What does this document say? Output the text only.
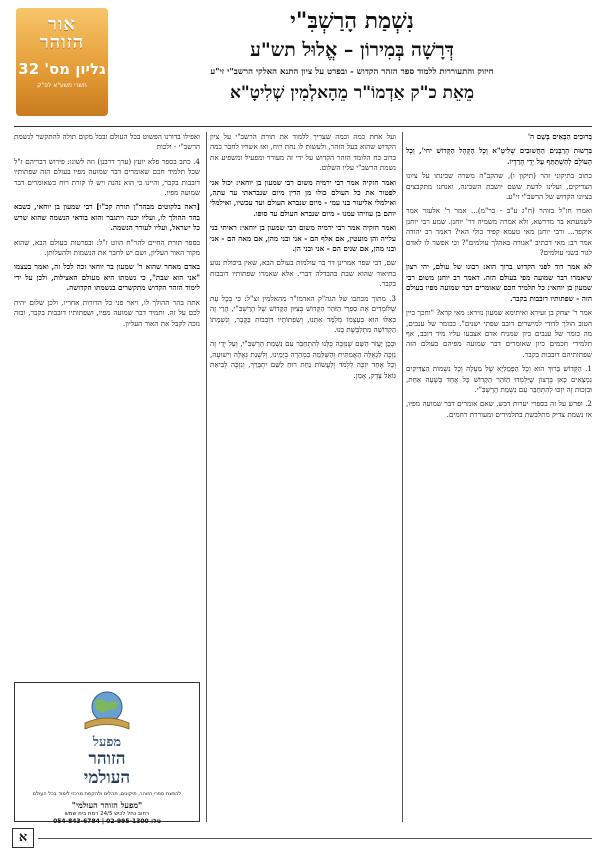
אור
הזוהר
גליון מס' 32
תשרי תשע"א לפ"ק
נִשְׁמַת הָרַשְׁבִּ"י
דְּרָשָׁה בְּמִירוֹן – אֱלוּל תש"ע
חיזוק והתעוררות ללמוד ספר הזהר הקדוש - ובפרט על ציון התנא האלקי הרשב"י זי"ע
מֵאֵת כ"ק אַדְמוֹ"ר מֵהָאלְמִין שְׁלִיטָ"א

בְּרוּכִים הַבָּאִים בְּשֵׁם ה'

בִּרְשׁוּת הָרַבָּנִים הַחֲשׁוּבִים שְׁלִיטָ"א וְכָל הַקָּהָל הַקָּדוֹשׁ יחי', וְכָל הָעוֹלָם לְהִשְׁתַּתֵּף עַל יְדֵי הָרַדְיוֹ.

כתוב בתיקוני זהר (תיקון ו), שהקב"ה משרה שכינתו על ציונו הצדיקים, ועלינו לדעת ששם יושבת השכינה, ואנחנו מתקבצים בציונו הקדוש של הרשב"י זי"ע.

ואמרו חז"ל בזוהר (ח"ג ע"ב - בר"מ)... אמר ר' אלעזר אמר לשמעתא בר מדרשא, ולא אמרה משמיה דר' יוחנן. שמע רבי יוחנן איקפד... ורבי יוחנן מאי טעמא קפיד כולי האי? דאמר רב יהודה אמר רב: מאי דכתיב "אגורה באהלך עולמים"? וכי אפשר לו לאדם לגור בשני עולמים?

לא אמר דוד לפני הקדוש ברוך הוא: רבונו של עולם, יהי רצון שיאמרו דבר שמועה מפי בעולם הזה. דאמר רב יוחנן משום רבי שמעון בן יוחאי: כל תלמיד חכם שאומרים דבר שמועה מפיו בעולם הזה - שפתותיו דובבות בקבר.

אמר ר' יצחק בן זעירא ואיתימא שמעון נזירא: מאי קרא? "וחכך כיין הטוב הולך לדודי למישרים דובב שפתי ישנים". ככומר של ענבים, מה כומר של ענבים כיון שמניח אדם אצבעו עליו מיד דובב, אף תלמידי חכמים כיון שאומרים דבר שמועה מפיהם בעולם הזה שפתותיהם דובבות בקבר.

1. הַקָּדוֹשׁ בָּרוּךְ הוּא וְכָל הַפָּמַלְיָא שֶׁל מַעְלָה וְכָל נִשְׁמוֹת הַצַּדִּיקִים נִמְצָאִים כָּאן בְּרָצוֹן שֶׁיִּלְמְדוּ הַזֹּהַר הַקָּדוֹשׁ כָּל אֶחָד בְּשָׁעָה אַחַת, וּבִזְכוּת זֶה יִזְכּוּ לְהִתְחַבֵּר עִם נִשְׁמַת הָרַשְׁבִּ"י.

2. ופרש על זה בספרי יערות דבש, שאם אומרים דבר שמועה מפיו, אז נשמת צדיק מתלבשת בתלמידים ומעוררת רחמים.

ועל אחת כמה וכמה שצריך ללמוד את תורת הרשב"י על ציון הקדוש שהוא בעל הזהר, ולעשות לו נחת רוח, ואז אשריו לחבר כמה ברוב כח הלומד הזהר הקדוש על ידי זה מעורר ומפעיל ומשפיע את נשמת הרשב"י עליו השלום.

ואמר חזקיה אמר רבי ירמיה משום רבי שמעון בן יוחאי: יכול אני לפטור את כל העולם כולו מן הדין מיום שנבראתי עד עתה, ואילמלי אליעזר בני עמי - מיום שנברא העולם ועד עכשיו, ואילמלי יותם בן עוזיהו עמנו - מיום שנברא העולם עד סופו.

ואמר חזקיה אמר רבי ירמיה משום רבי שמעון בן יוחאי: ראיתי בני עלייה והן מועטין, אם אלף הם - אני ובני מהן, אם מאה הם - אני ובני מהן, אם שנים הם - אני ובני הן.

שם, דבי שפר אמרינן דר בר עולמות בעולם הבא, שאין ביכולת נגוע בתיאור שהוא שבת בהבדלה דברי. אלא שאמרו שפתותיו דובבות בקבר.

3. מתוך מכתבו של הגה"ק האדמו"ר מהאלמין זצ"ל: כִּי בְּכָל עֵת שֶׁלּוֹמְדִים אֶת סִפְרֵי הַזֹּהַר הַקָּדוֹשׁ בְּצִיּוּן הַקָּדוֹשׁ שֶׁל הָרַשְׁבִּ"י, הֲרֵי זֶה כְּאִלּוּ הוּא בְּעַצְמוֹ מְלַמֵּד אִתָּנוּ, וְשִׂפְתוֹתָיו דּוֹבְבוֹת בַּקֶּבֶר, וְנִשְׁמָתוֹ הַקְּדוֹשָׁה מִתְלַבֶּשֶׁת בָּנוּ.

וּבְכֵן יַעֲזֹר הַשֵּׁם שֶׁנִּזְכֶּה כֻּלָּנוּ לְהִתְחַבֵּר עִם נִשְׁמַת הָרַשְׁבִּ"י, וְעַל יְדֵי זֶה נִזְכֶּה לִגְאֻלָּה הָאֲמִתִּית וְהַשְּׁלֵמָה בִּמְהֵרָה בְיָמֵינוּ, וְלִשְׁנַת גְּאֻלָּה וִישׁוּעָה, וְכָל אֶחָד יִזְכֶּה לִלְמֹד וְלַעֲשׂוֹת נַחַת רוּחַ לַשֵּׁם יִתְבָּרַךְ, וְנִזְכֶּה לְבִיאַת גּוֹאֵל צֶדֶק, אָמֵן.

ואפילו בדורנו הפשוט בכל העולם ובכל מקום תולה להתקשר לנשמת הרשב"י - ולכות

4. כתב בספר פלא יועץ (ערך דרבנן) וזה לשונו: פירוש דבריהם ז"ל שכל תלמיד חכם שאומרים דבר שמועה מפיו בעולם הזה שפתותיו דובבות בקבר, והיינו כי הוא נהנה ויש לו קורת רוח כשאומרים דבר שמועה מפיו.

[ראה בלקוטים מבהר"ן תורה קכ"ו] רבי שמעון בן יוחאי, כשבא בהר ההולך לו, ועליו יכנה ויתגבר והוא בודאי הנשמה שהוא שרש כל ישראל, ועליו לעורר הנשמה.

בספר תורת החיים להר"ח הווט ז"ל: ובפרטות בעולם הבא, שהוא מקור האור העליון, ושם יש לחבר את הנשמות ולהעלותן.

באדם מאחר שהוא ר' שמעון בר יוחאי זכה לכל זה, ואמר בעצמו "אני הוא שבת", כי נשמתו היא מעולם האצילות, ולכן על ידי לימוד הזהר הקדוש מתקשרים בנשמתו הקדושה.

אתה בהר ההולך לו, ויאר פני כל הדורות אחריו, ולכן שלום יהיה לכם על זה. ותמיד דבר שמועה מפיו, ושפתותיו דובבות בקבר, ובזה נזכה לקבל את האור העליון.

מפעל
הזוהר
העולמי
להפצת ספרי הזוהר, תיקונים, תהלים ולהקמת מרכזי לימוד בכל העולם
"מפעל הזוהר העולמי"
רחוב נחל לכיש 24/5 רמת בית שמש
טל: 02-995-1300 | 054-843-6784
א
